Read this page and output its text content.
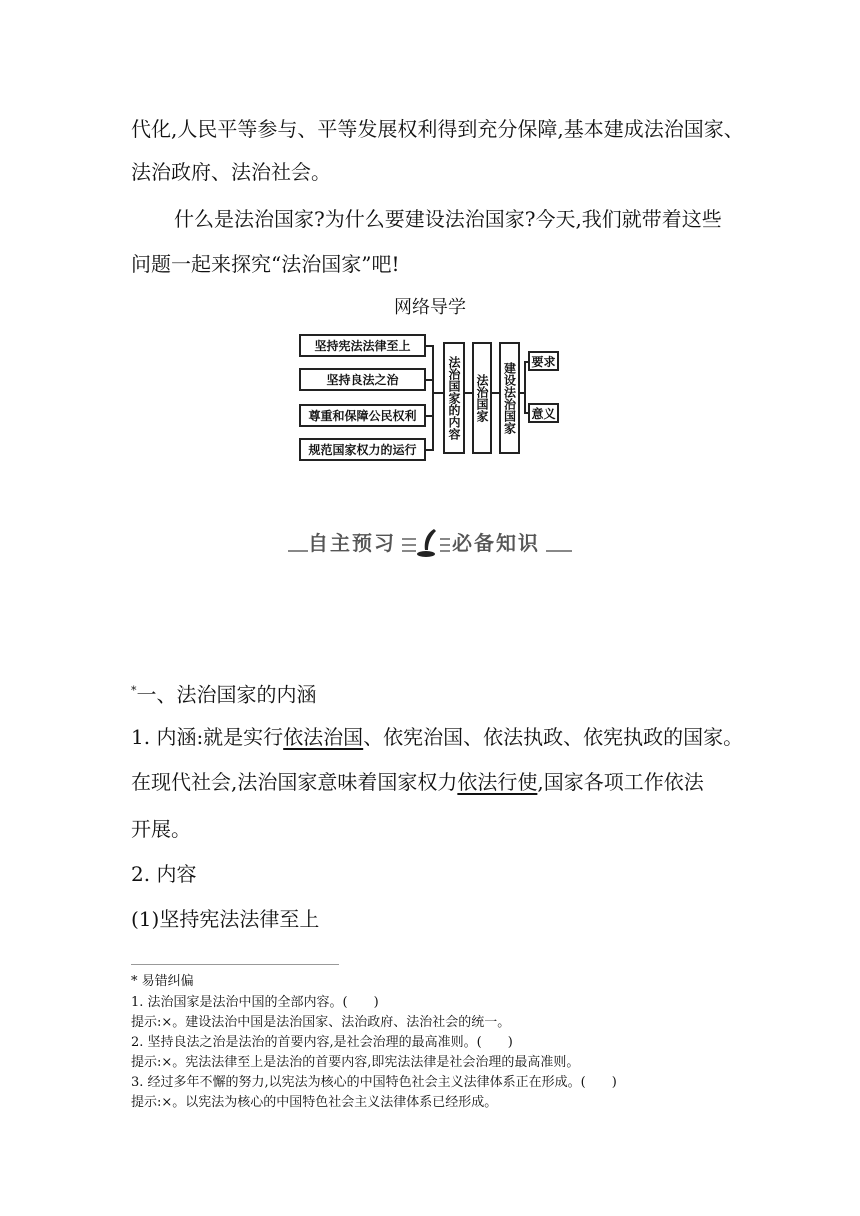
代化,人民平等参与、平等发展权利得到充分保障,基本建成法治国家、
法治政府、法治社会。
什么是法治国家?为什么要建设法治国家?今天,我们就带着这些
问题一起来探究“法治国家”吧!
网络导学
坚持宪法法律至上
坚持良法之治
尊重和保障公民权利
规范国家权力的运行
法治国家的内容	法治国家 建设法治国家
要求
意义
自主预习	必备知识
*一、法治国家的内涵
1. 内涵:就是实行依法治国、依宪治国、依法执政、依宪执政的国家。
在现代社会,法治国家意味着国家权力依法行使,国家各项工作依法
开展。
2. 内容
(1)坚持宪法法律至上
* 易错纠偏
1. 法治国家是法治中国的全部内容。(　　)
提示:×。建设法治中国是法治国家、法治政府、法治社会的统一。
2. 坚持良法之治是法治的首要内容,是社会治理的最高准则。(　　)
提示:×。宪法法律至上是法治的首要内容,即宪法法律是社会治理的最高准则。
3. 经过多年不懈的努力,以宪法为核心的中国特色社会主义法律体系正在形成。(　　)
提示:×。以宪法为核心的中国特色社会主义法律体系已经形成。
